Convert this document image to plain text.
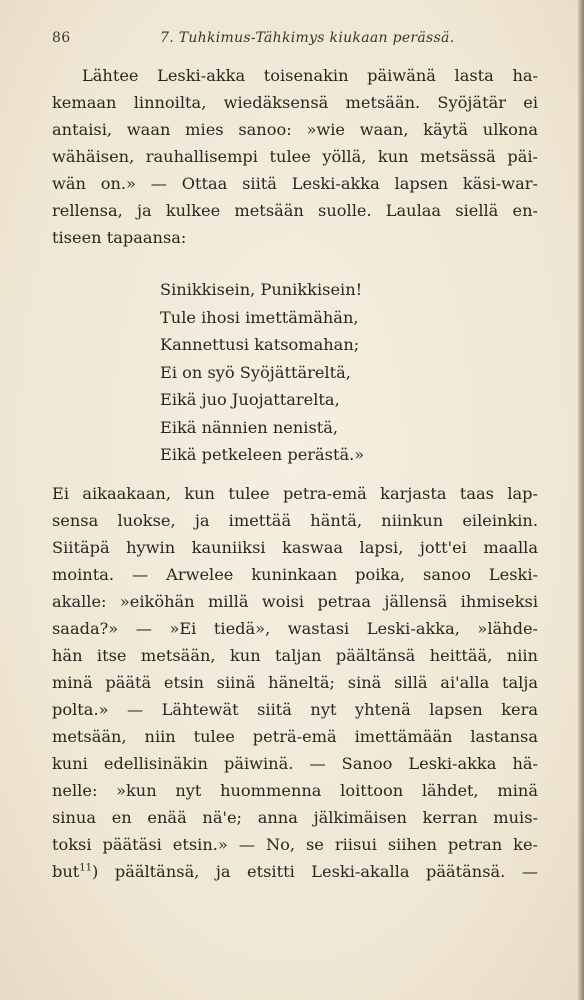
86	7. Tuhkimus-Tähkimys kiukaan perässä.
Lähtee Leski-akka toisenakin päiwänä lasta ha-
kemaan linnoilta, wiedäksensä metsään. Syöjätär ei
antaisi, waan mies sanoo: »wie waan, käytä ulkona
wähäisen, rauhallisempi tulee yöllä, kun metsässä päi-
wän on.» — Ottaa siitä Leski-akka lapsen käsi-war-
rellensa, ja kulkee metsään suolle. Laulaa siellä en-
tiseen tapaansa:
Sinikkisein, Punikkisein!
Tule ihosi imettämähän,
Kannettusi katsomahan;
Ei on syö Syöjättäreltä,
Eikä juo Juojattarelta,
Eikä nännien nenistä,
Eikä petkeleen perästä.»
Ei aikaakaan, kun tulee petra-emä karjasta taas lap-
sensa luokse, ja imettää häntä, niinkun eileinkin.
Siitäpä hywin kauniiksi kaswaa lapsi, jott'ei maalla
mointa. — Arwelee kuninkaan poika, sanoo Leski-
akalle: »eiköhän millä woisi petraa jällensä ihmiseksi
saada?» — »Ei tiedä», wastasi Leski-akka, »lähde-
hän itse metsään, kun taljan päältänsä heittää, niin
minä päätä etsin siinä häneltä; sinä sillä ai'alla talja
polta.» — Lähtewät siitä nyt yhtenä lapsen kera
metsään, niin tulee peträ-emä imettämään lastansa
kuni edellisinäkin päiwinä. — Sanoo Leski-akka hä-
nelle: »kun nyt huommenna loittoon lähdet, minä
sinua en enää nä'e; anna jälkimäisen kerran muis-
toksi päätäsi etsin.» — No, se riisui siihen petran ke-
but$^{11}$) päältänsä, ja etsitti Leski-akalla päätänsä. —
